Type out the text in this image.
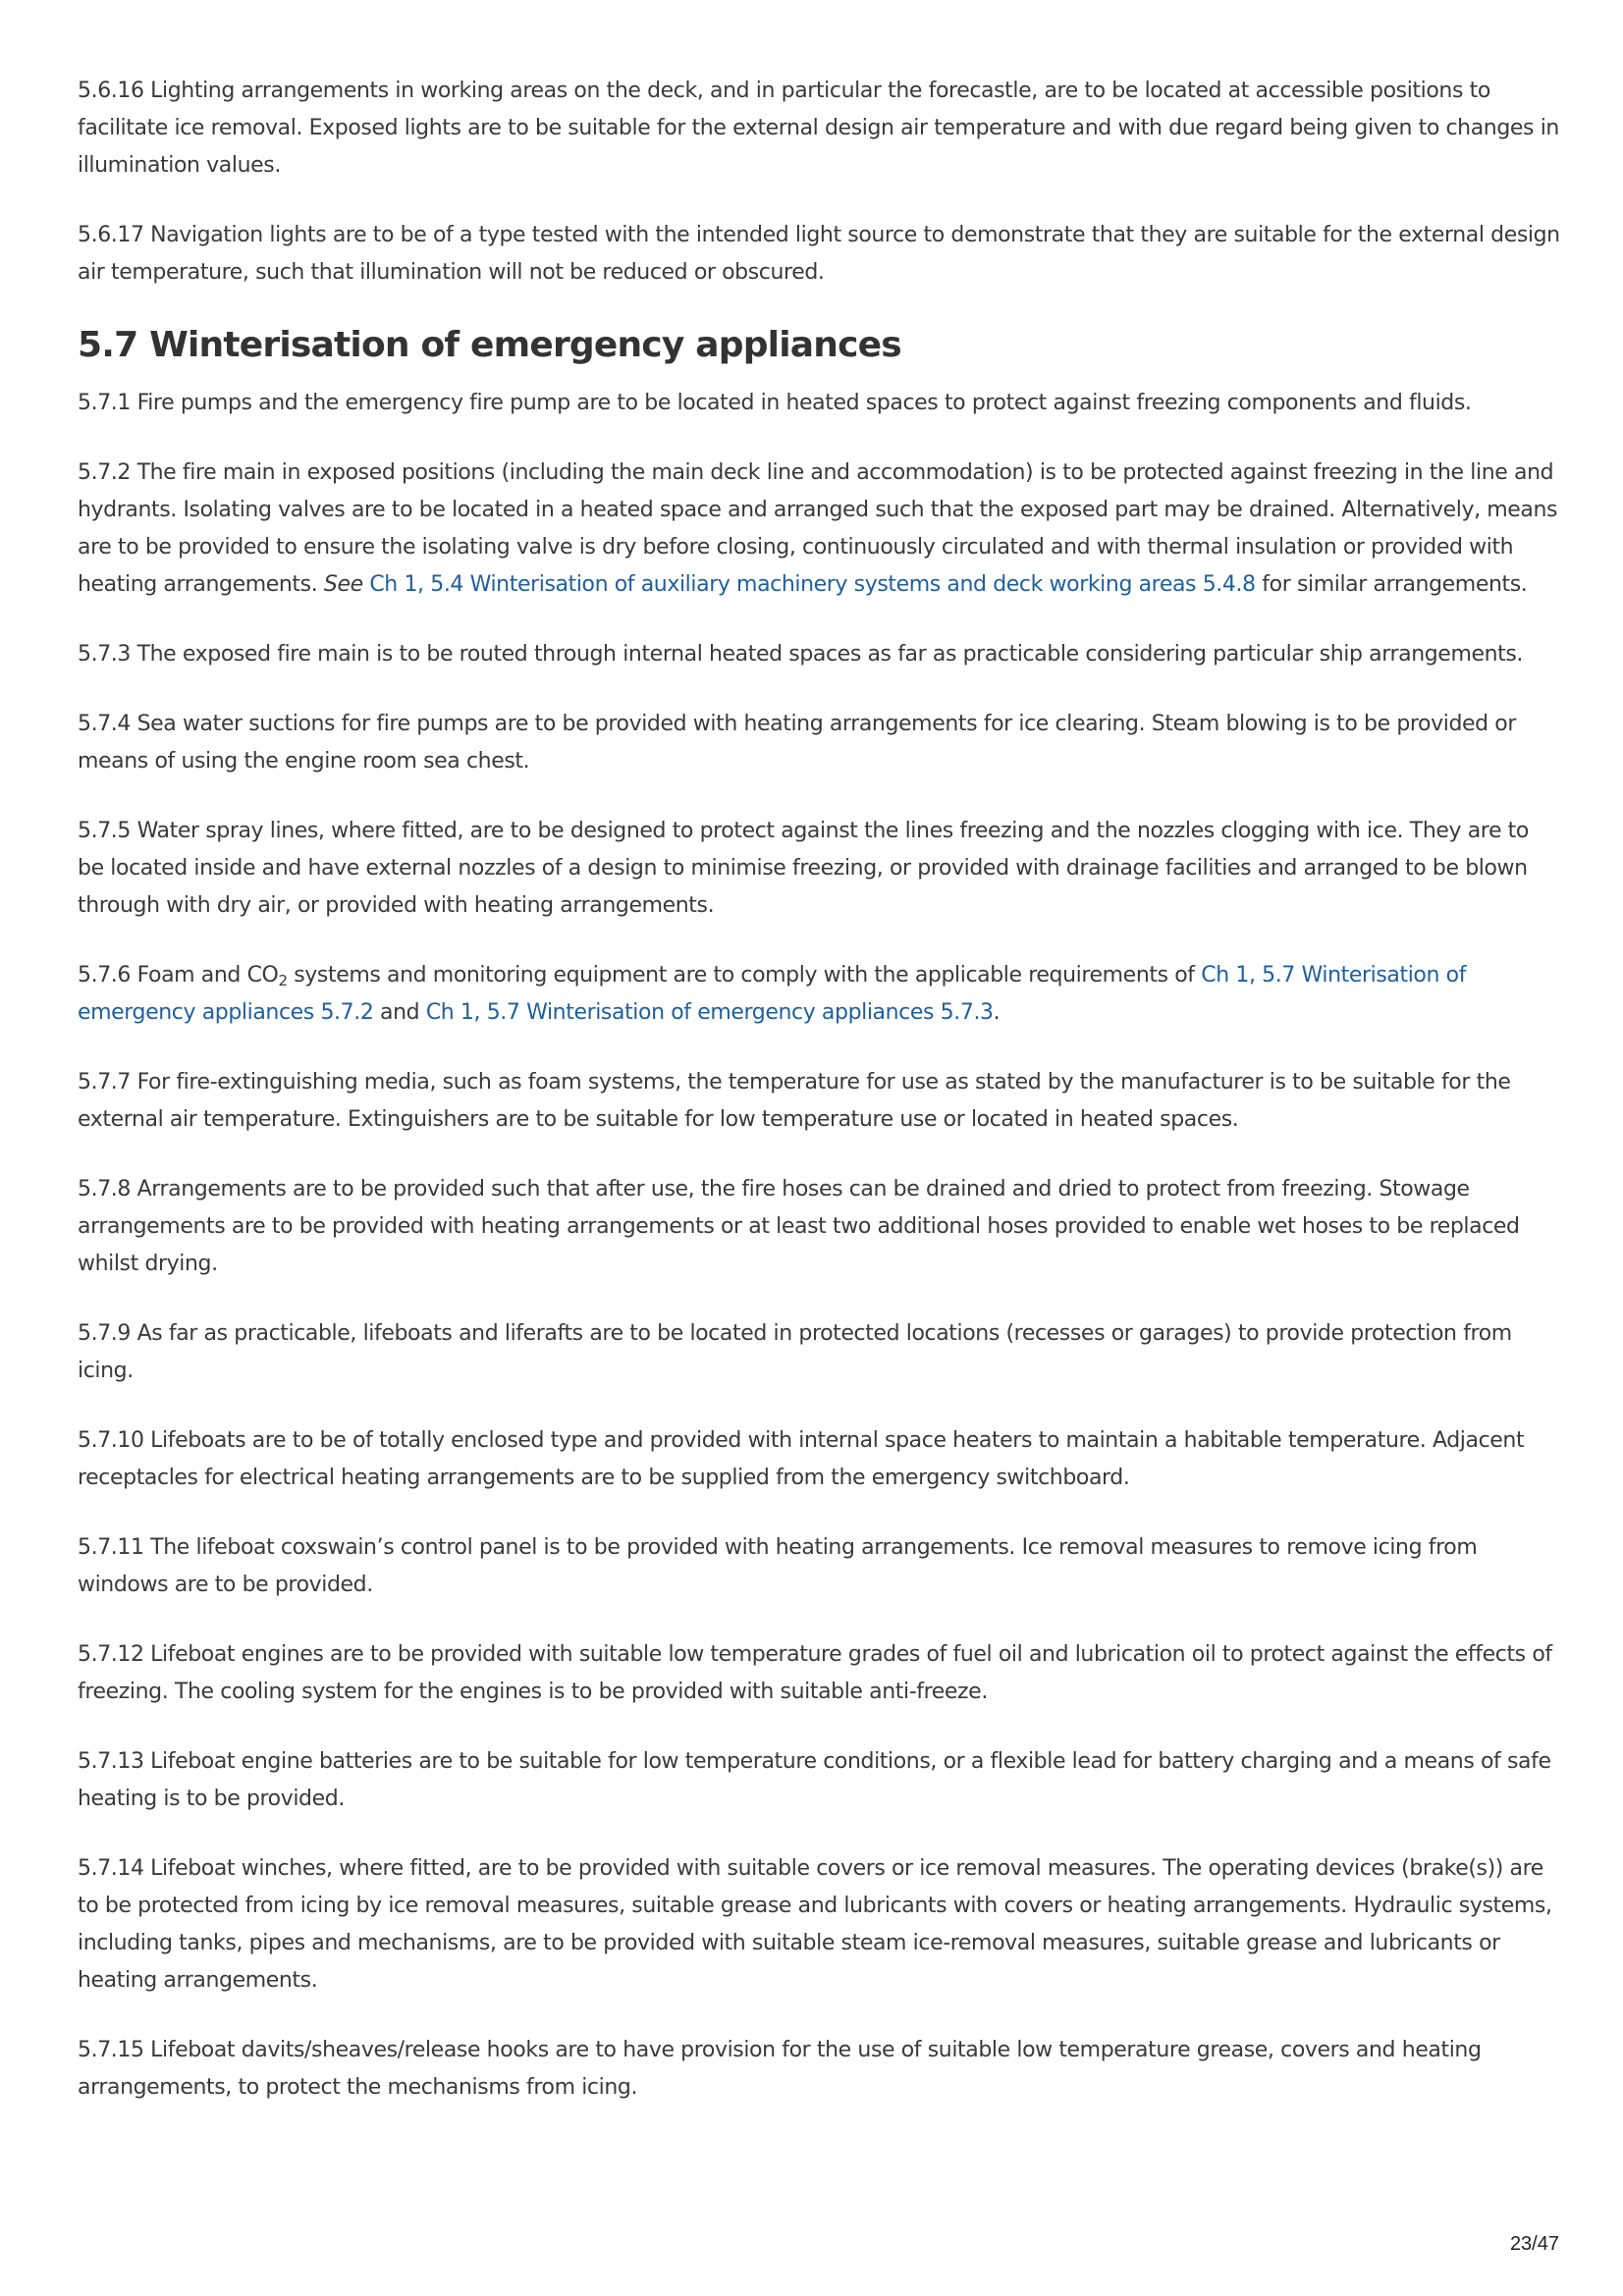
5.6.16 Lighting arrangements in working areas on the deck, and in particular the forecastle, are to be located at accessible positions to facilitate ice removal. Exposed lights are to be suitable for the external design air temperature and with due regard being given to changes in illumination values.

5.6.17 Navigation lights are to be of a type tested with the intended light source to demonstrate that they are suitable for the external design air temperature, such that illumination will not be reduced or obscured.

5.7 Winterisation of emergency appliances

5.7.1 Fire pumps and the emergency fire pump are to be located in heated spaces to protect against freezing components and fluids.

5.7.2 The fire main in exposed positions (including the main deck line and accommodation) is to be protected against freezing in the line and hydrants. Isolating valves are to be located in a heated space and arranged such that the exposed part may be drained. Alternatively, means are to be provided to ensure the isolating valve is dry before closing, continuously circulated and with thermal insulation or provided with heating arrangements. See Ch 1, 5.4 Winterisation of auxiliary machinery systems and deck working areas 5.4.8 for similar arrangements.

5.7.3 The exposed fire main is to be routed through internal heated spaces as far as practicable considering particular ship arrangements.

5.7.4 Sea water suctions for fire pumps are to be provided with heating arrangements for ice clearing. Steam blowing is to be provided or means of using the engine room sea chest.

5.7.5 Water spray lines, where fitted, are to be designed to protect against the lines freezing and the nozzles clogging with ice. They are to be located inside and have external nozzles of a design to minimise freezing, or provided with drainage facilities and arranged to be blown through with dry air, or provided with heating arrangements.

5.7.6 Foam and $CO_2$ systems and monitoring equipment are to comply with the applicable requirements of Ch 1, 5.7 Winterisation of emergency appliances 5.7.2 and Ch 1, 5.7 Winterisation of emergency appliances 5.7.3.

5.7.7 For fire-extinguishing media, such as foam systems, the temperature for use as stated by the manufacturer is to be suitable for the external air temperature. Extinguishers are to be suitable for low temperature use or located in heated spaces.

5.7.8 Arrangements are to be provided such that after use, the fire hoses can be drained and dried to protect from freezing. Stowage arrangements are to be provided with heating arrangements or at least two additional hoses provided to enable wet hoses to be replaced whilst drying.

5.7.9 As far as practicable, lifeboats and liferafts are to be located in protected locations (recesses or garages) to provide protection from icing.

5.7.10 Lifeboats are to be of totally enclosed type and provided with internal space heaters to maintain a habitable temperature. Adjacent receptacles for electrical heating arrangements are to be supplied from the emergency switchboard.

5.7.11 The lifeboat coxswain’s control panel is to be provided with heating arrangements. Ice removal measures to remove icing from windows are to be provided.

5.7.12 Lifeboat engines are to be provided with suitable low temperature grades of fuel oil and lubrication oil to protect against the effects of freezing. The cooling system for the engines is to be provided with suitable anti-freeze.

5.7.13 Lifeboat engine batteries are to be suitable for low temperature conditions, or a flexible lead for battery charging and a means of safe heating is to be provided.

5.7.14 Lifeboat winches, where fitted, are to be provided with suitable covers or ice removal measures. The operating devices (brake(s)) are to be protected from icing by ice removal measures, suitable grease and lubricants with covers or heating arrangements. Hydraulic systems, including tanks, pipes and mechanisms, are to be provided with suitable steam ice-removal measures, suitable grease and lubricants or heating arrangements.

5.7.15 Lifeboat davits/sheaves/release hooks are to have provision for the use of suitable low temperature grease, covers and heating arrangements, to protect the mechanisms from icing.

23/47
